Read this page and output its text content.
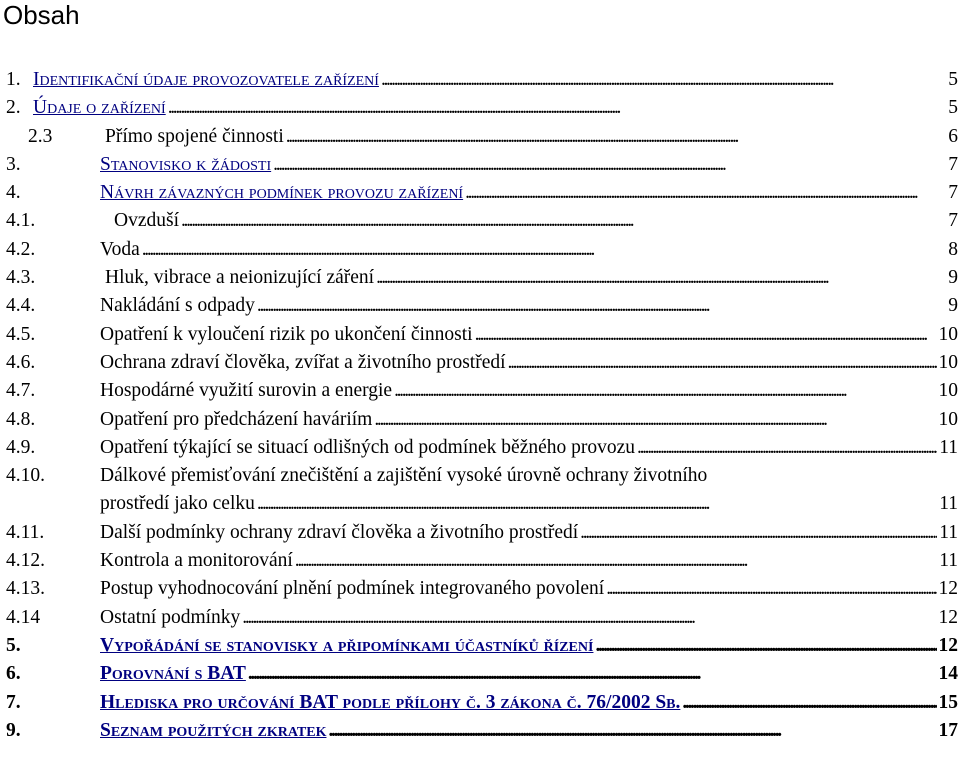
Obsah
1. Identifikační údaje provozovatele zařízení . . .	5
2. Údaje o zařízení . . .	5
2.3	Přímo spojené činnosti . . .	6
3.	Stanovisko k žádosti . . .	7
4.	Návrh závazných podmínek provozu zařízení . . .	7
4.1.	Ovzduší . . .	7
4.2.	Voda . . .	8
4.3.	Hluk, vibrace a neionizující záření . . .	9
4.4.	Nakládání s odpady . . .	9
4.5.	Opatření k vyloučení rizik po ukončení činnosti . . .	10
4.6.	Ochrana zdraví člověka, zvířat a životního prostředí . . .	10
4.7.	Hospodárné využití surovin a energie . . .	10
4.8.	Opatření pro předcházení haváriím . . .	10
4.9.	Opatření týkající se situací odlišných od podmínek běžného provozu . . .	11
4.10.	Dálkové přemisťování znečištění a zajištění vysoké úrovně ochrany životního
prostředí jako celku . . .	11
4.11.	Další podmínky ochrany zdraví člověka a životního prostředí . . .	11
4.12.	Kontrola a monitorování . . .	11
4.13.	Postup vyhodnocování plnění podmínek integrovaného povolení . . .	12
4.14	Ostatní podmínky . . .	12
5.	Vypořádání se stanovisky a připomínkami účastníků řízení . . .	12
6.	Porovnání s BAT . . .	14
7.	Hlediska pro určování BAT podle přílohy č. 3 zákona č. 76/2002 Sb. . . .	15
9.	Seznam použitých zkratek . . .	17
